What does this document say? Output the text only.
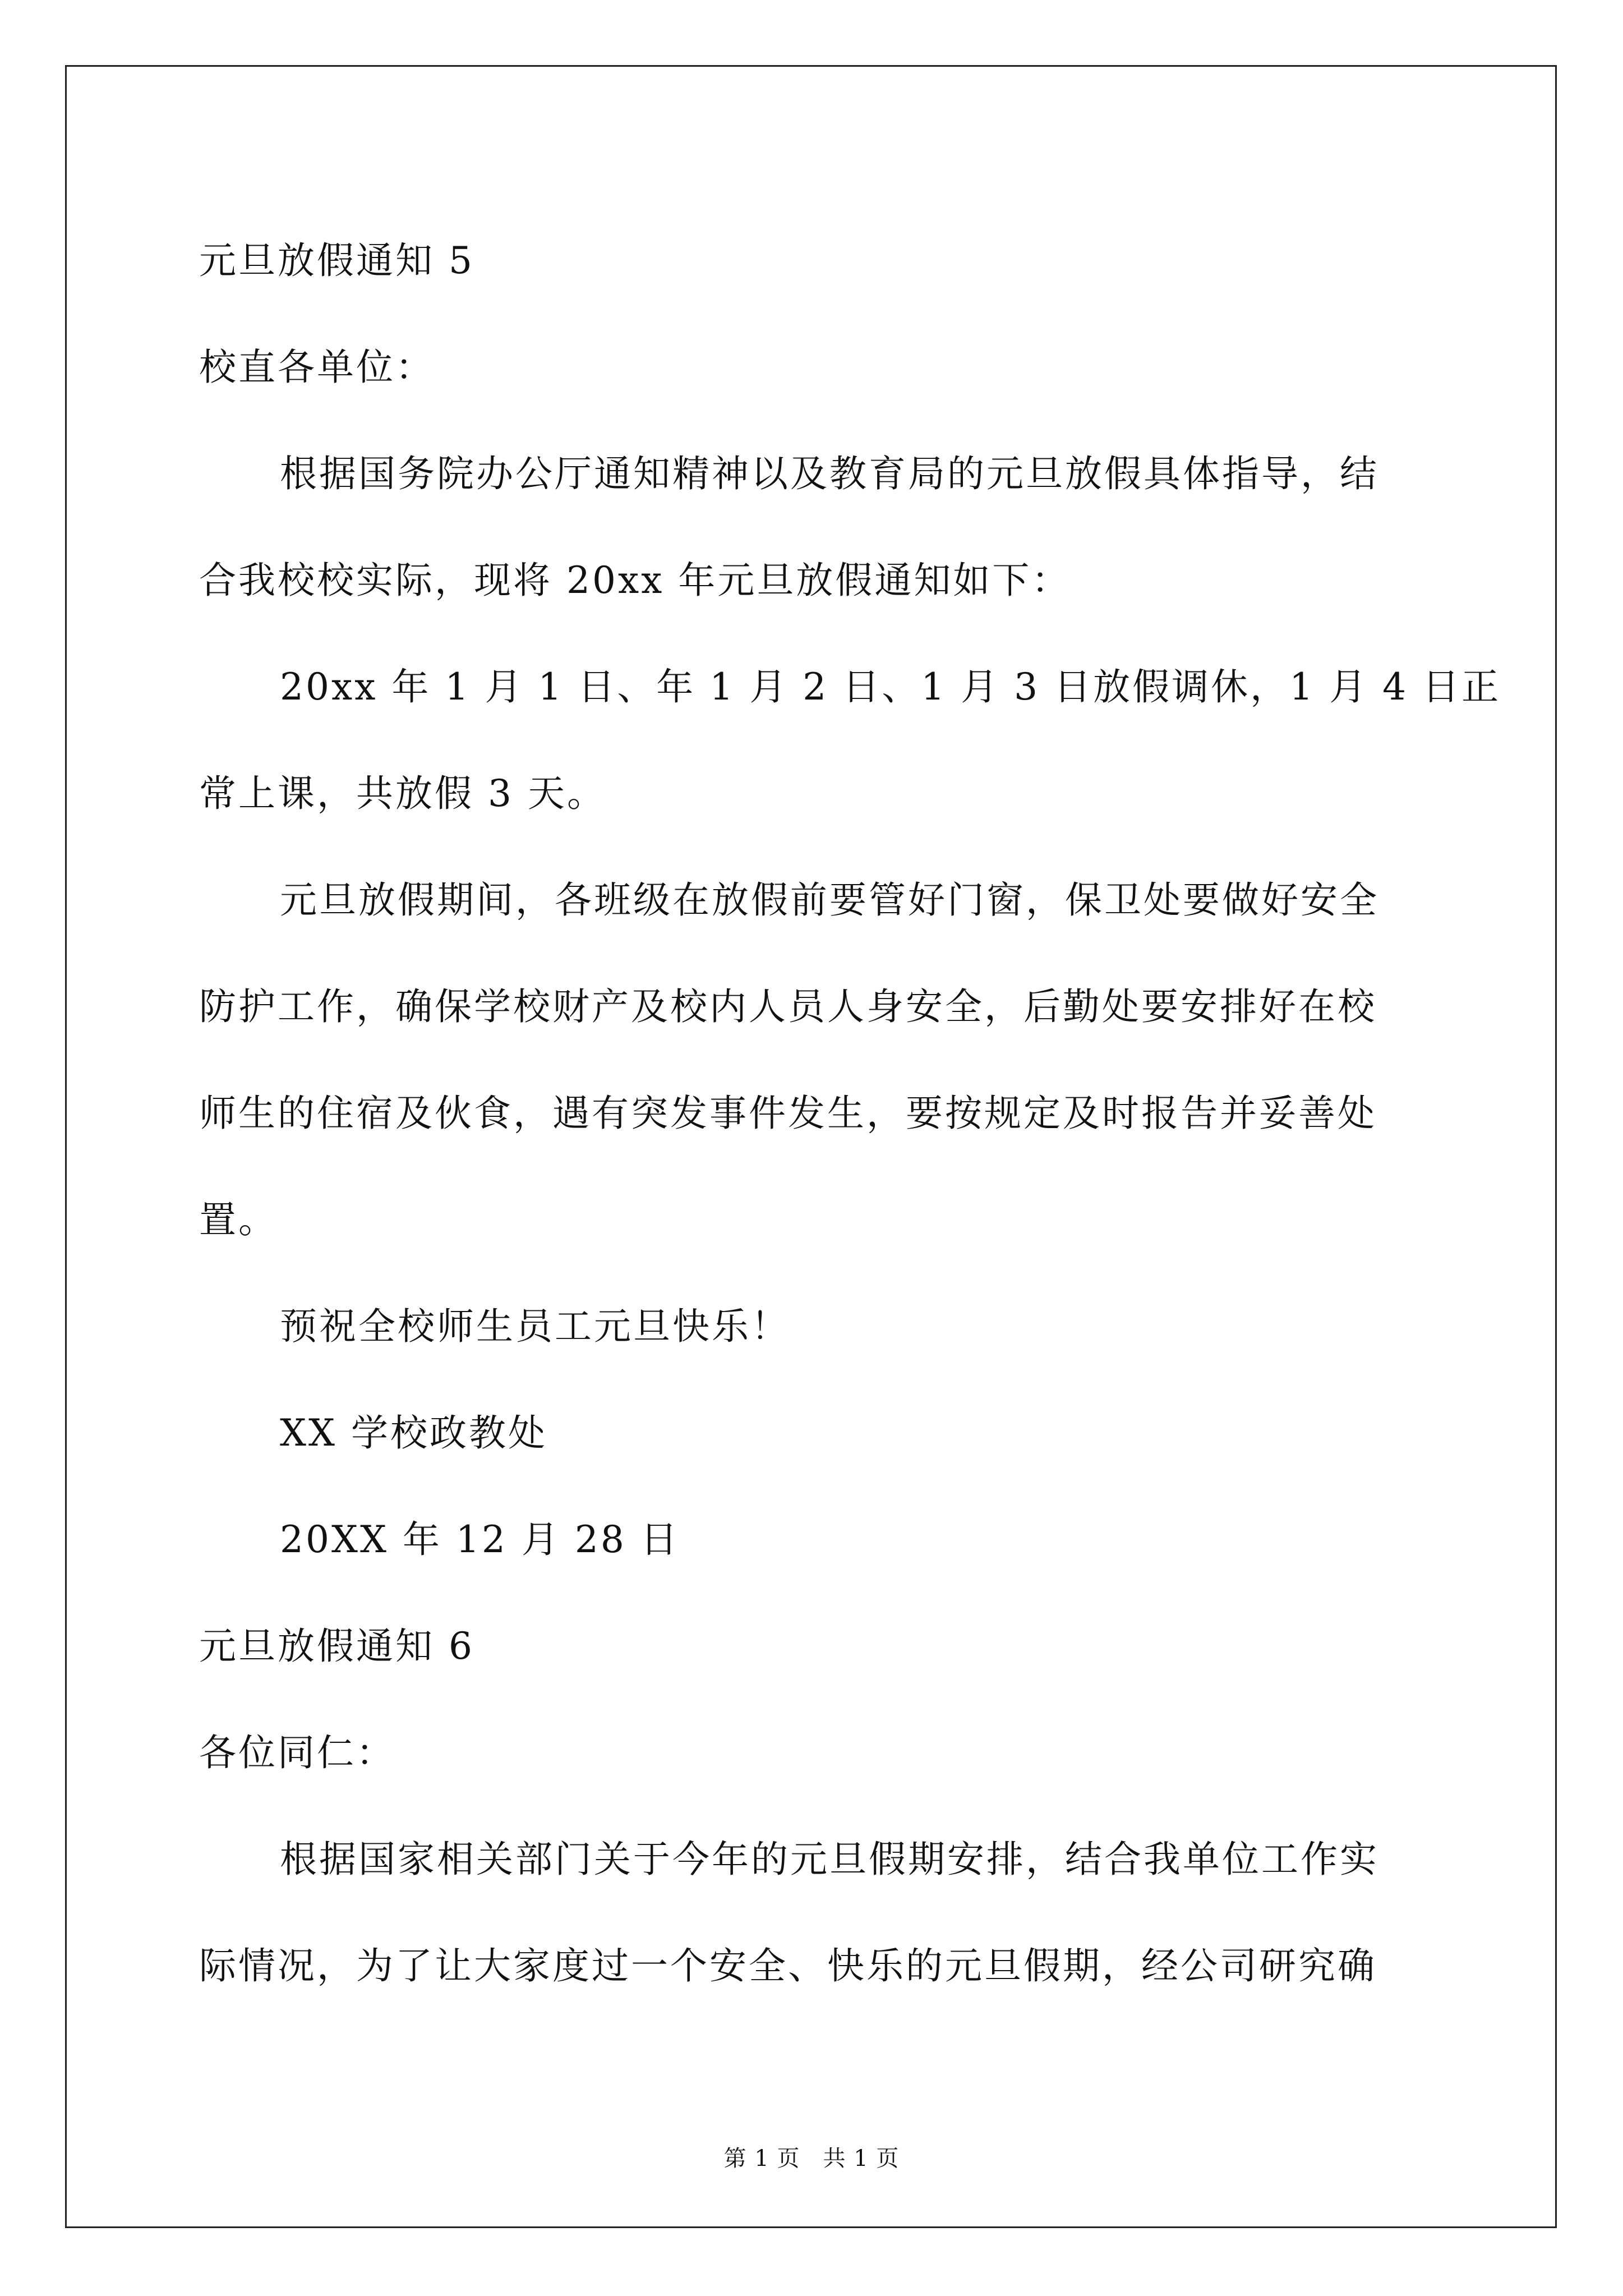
元旦放假通知 5
校直各单位：
根据国务院办公厅通知精神以及教育局的元旦放假具体指导，结
合我校校实际，现将 20xx 年元旦放假通知如下：
20xx 年 1 月 1 日、年 1 月 2 日、1 月 3 日放假调休，1 月 4 日正
常上课，共放假 3 天。
元旦放假期间，各班级在放假前要管好门窗，保卫处要做好安全
防护工作，确保学校财产及校内人员人身安全，后勤处要安排好在校
师生的住宿及伙食，遇有突发事件发生，要按规定及时报告并妥善处
置。
预祝全校师生员工元旦快乐！
XX 学校政教处
20XX 年 12 月 28 日
元旦放假通知 6
各位同仁：
根据国家相关部门关于今年的元旦假期安排，结合我单位工作实
际情况，为了让大家度过一个安全、快乐的元旦假期，经公司研究确
第 1 页　共 1 页
